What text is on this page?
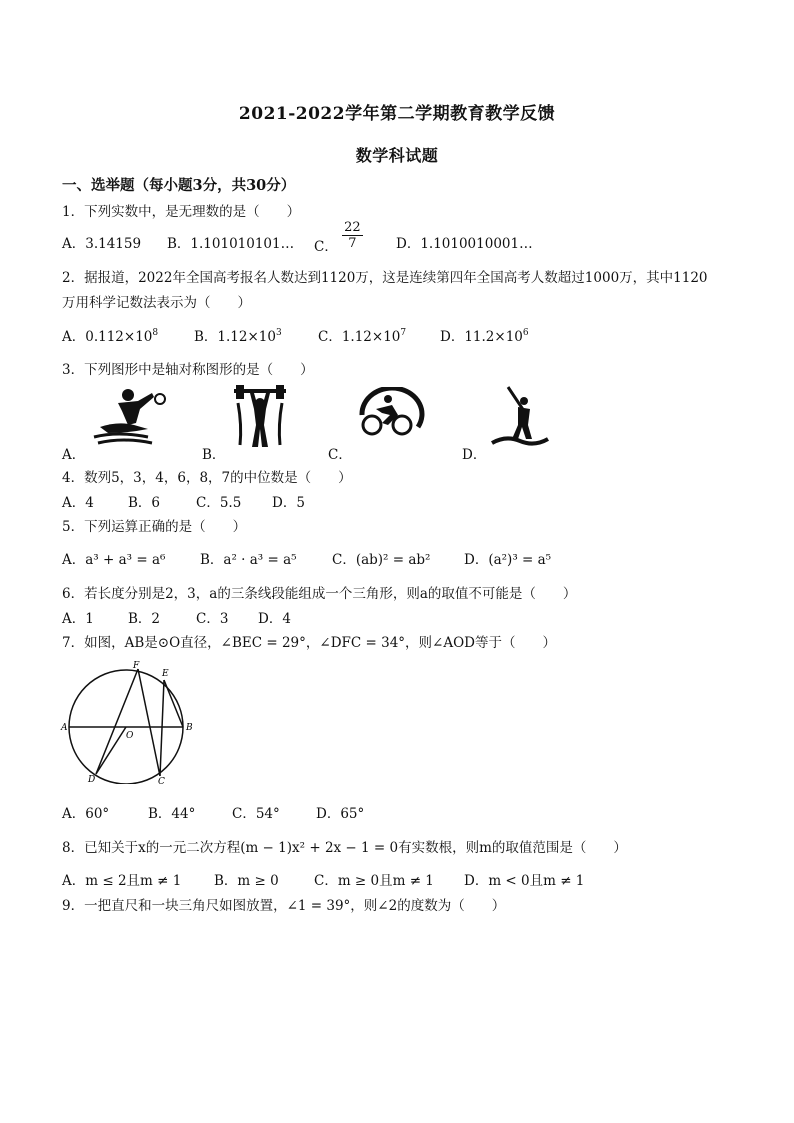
2021-2022学年第二学期教育教学反馈
数学科试题
一、选举题（每小题3分，共30分）
1．下列实数中，是无理数的是（　　）
A．3.14159 B．1.101010101… C． $\frac{22}{7}$ D．1.1010010001…
2．据报道，2022年全国高考报名人数达到1120万，这是连续第四年全国高考人数超过1000万，其中1120
万用科学记数法表示为（　　）
A．$0.112\times 10^8$	B．$1.12\times 10^3$	C．$1.12\times 10^7$	D．$11.2\times 10^6$
3．下列图形中是轴对称图形的是（　　）
A．	B．	C．	D．
4．数列5，3，4，6，8，7的中位数是（　　）
A．4	B．6	C．5.5 D．5
5．下列运算正确的是（　　）
A．a³ + a³ = a⁶	B．a² · a³ = a⁵	C．(ab)² = ab² D．(a²)³ = a⁵
6．若长度分别是2，3，a的三条线段能组成一个三角形，则a的取值不可能是（　　）
A．1	B．2	C．3 D．4
7．如图，AB是⊙O直径，∠BEC = 29°，∠DFC = 34°，则∠AOD等于（　　）
F
E
A	B
O
D	C
A．60°	B．44°	C．54°	D．65°
8．已知关于x的一元二次方程(m − 1)x² + 2x − 1 = 0有实数根，则m的取值范围是（　　）
A．m ≤ 2且m ≠ 1 B．m ≥ 0	C．m ≥ 0且m ≠ 1 D．m < 0且m ≠ 1
9．一把直尺和一块三角尺如图放置，∠1 = 39°，则∠2的度数为（　　）
